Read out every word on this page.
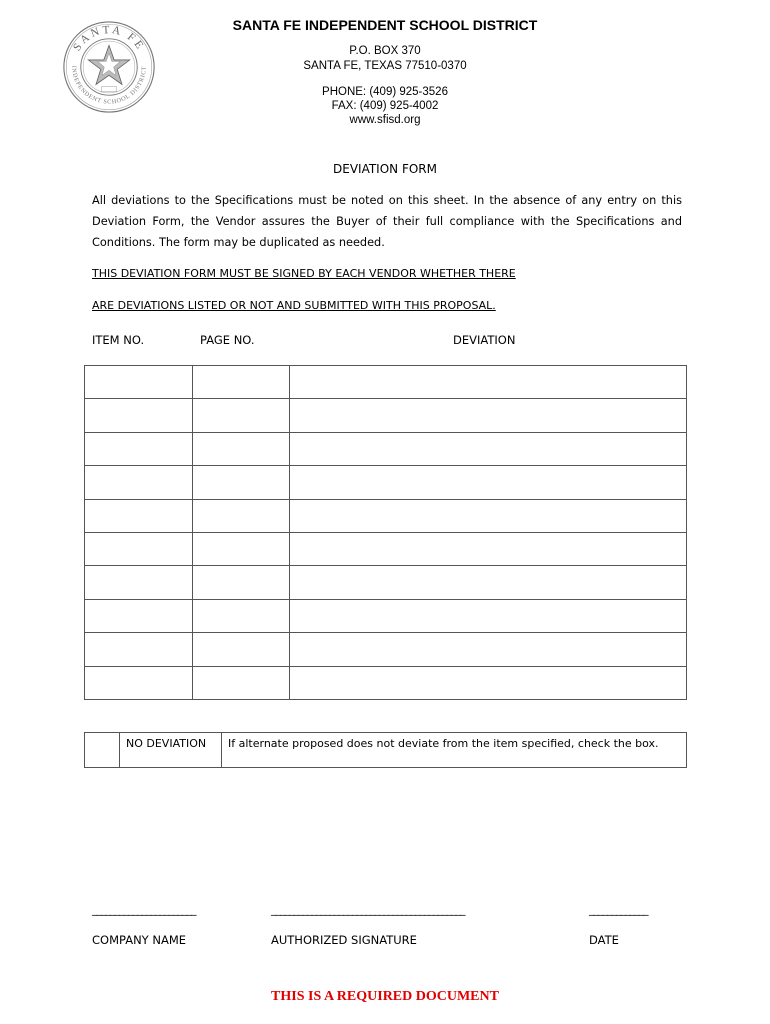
SANTA FE
INDEPENDENT SCHOOL DISTRICT
SANTA FE INDEPENDENT SCHOOL DISTRICT
P.O. BOX 370
SANTA FE, TEXAS 77510-0370
PHONE: (409) 925-3526
FAX: (409) 925-4002
www.sfisd.org
DEVIATION FORM
All deviations to the Specifications must be noted on this sheet. In the absence of any entry on this Deviation Form, the Vendor assures the Buyer of their full compliance with the Specifications and Conditions. The form may be duplicated as needed.
THIS DEVIATION FORM MUST BE SIGNED BY EACH VENDOR WHETHER THERE
ARE DEVIATIONS LISTED OR NOT AND SUBMITTED WITH THIS PROPOSAL.
ITEM NO.	PAGE NO.	DEVIATION

	NO DEVIATION	If alternate proposed does not deviate from the item specified, check the box.
_______________________	___________________________________________	_____________
COMPANY NAME	AUTHORIZED SIGNATURE	DATE
THIS IS A REQUIRED DOCUMENT
